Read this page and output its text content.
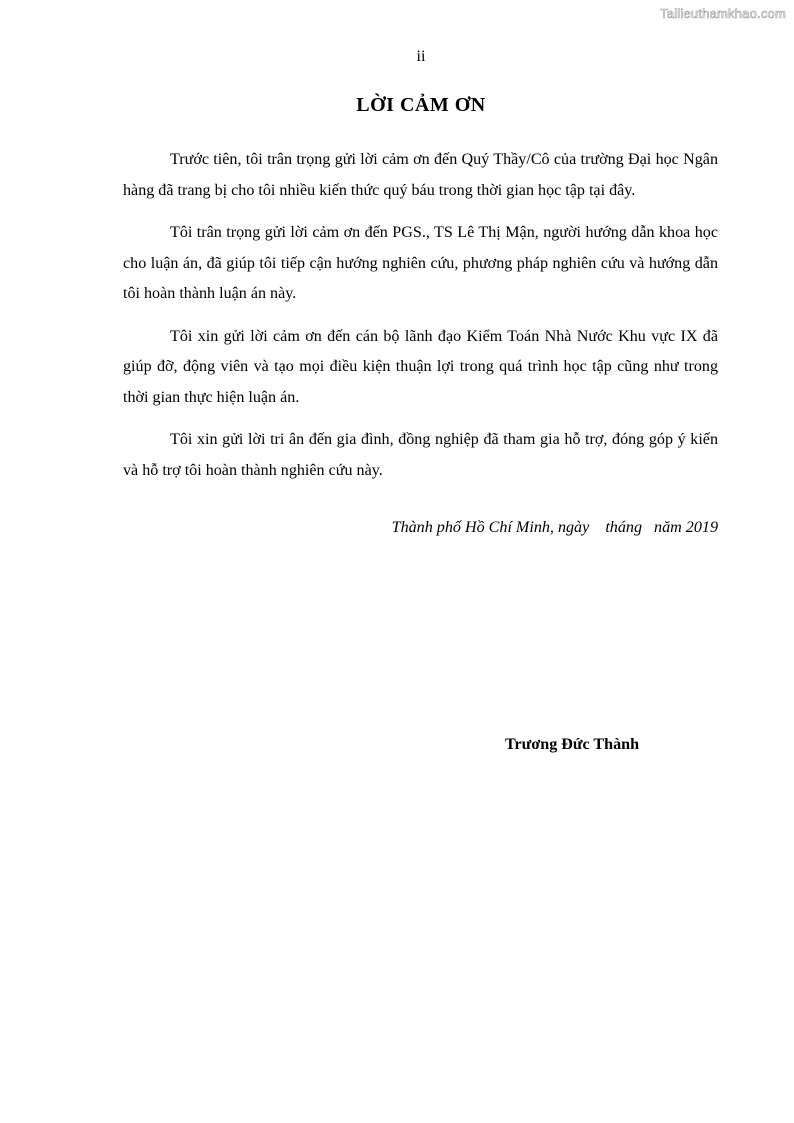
Tailieuthamkhao.com
ii
LỜI CẢM ƠN

Trước tiên, tôi trân trọng gửi lời cảm ơn đến Quý Thầy/Cô của trường Đại học Ngân hàng đã trang bị cho tôi nhiều kiến thức quý báu trong thời gian học tập tại đây.

Tôi trân trọng gửi lời cảm ơn đến PGS., TS Lê Thị Mận, người hướng dẫn khoa học cho luận án, đã giúp tôi tiếp cận hướng nghiên cứu, phương pháp nghiên cứu và hướng dẫn tôi hoàn thành luận án này.

Tôi xin gửi lời cảm ơn đến cán bộ lãnh đạo Kiểm Toán Nhà Nước Khu vực IX đã giúp đỡ, động viên và tạo mọi điều kiện thuận lợi trong quá trình học tập cũng như trong thời gian thực hiện luận án.

Tôi xin gửi lời tri ân đến gia đình, đồng nghiệp đã tham gia hỗ trợ, đóng góp ý kiến và hỗ trợ tôi hoàn thành nghiên cứu này.

Thành phố Hồ Chí Minh, ngày    tháng   năm 2019
Trương Đức Thành
